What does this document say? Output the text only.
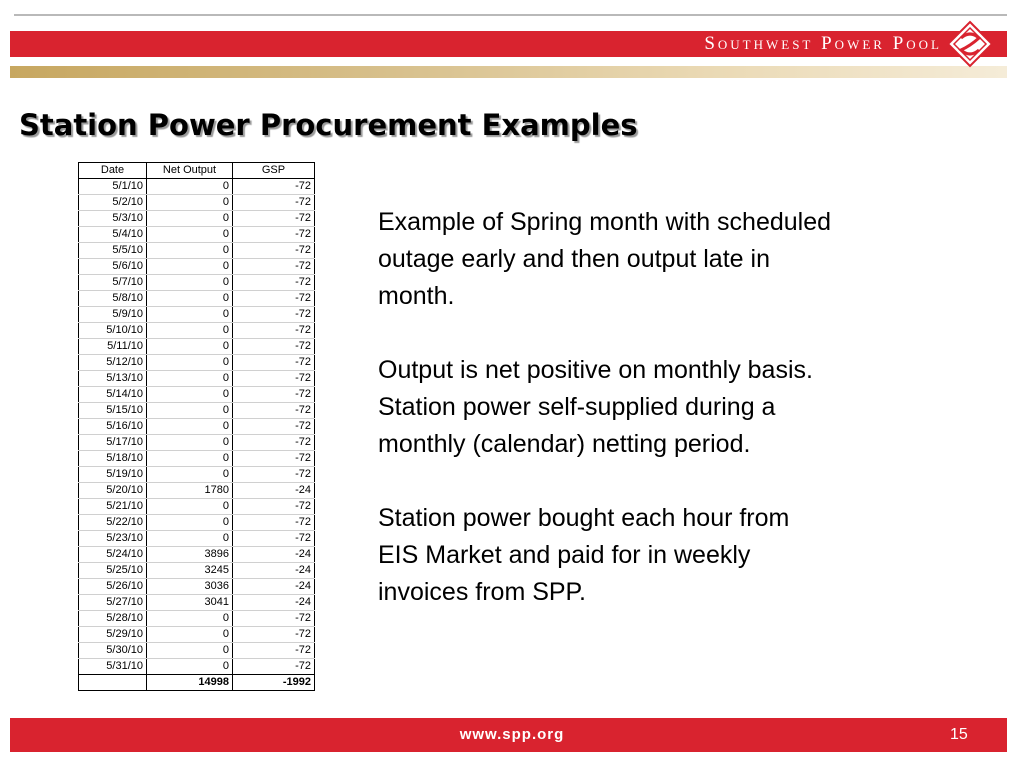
Southwest Power Pool
Station Power Procurement Examples
Date	Net Output	GSP
5/1/10	0	-72
5/2/10	0	-72
5/3/10	0	-72
5/4/10	0	-72
5/5/10	0	-72
5/6/10	0	-72
5/7/10	0	-72
5/8/10	0	-72
5/9/10	0	-72
5/10/10	0	-72
5/11/10	0	-72
5/12/10	0	-72
5/13/10	0	-72
5/14/10	0	-72
5/15/10	0	-72
5/16/10	0	-72
5/17/10	0	-72
5/18/10	0	-72
5/19/10	0	-72
5/20/10	1780	-24
5/21/10	0	-72
5/22/10	0	-72
5/23/10	0	-72
5/24/10	3896	-24
5/25/10	3245	-24
5/26/10	3036	-24
5/27/10	3041	-24
5/28/10	0	-72
5/29/10	0	-72
5/30/10	0	-72
5/31/10	0	-72
	14998	-1992

Example of Spring month with scheduled
outage early and then output late in
month.

Output is net positive on monthly basis.
Station power self-supplied during a
monthly (calendar) netting period.

Station power bought each hour from
EIS Market and paid for in weekly
invoices from SPP.

www.spp.org	15
